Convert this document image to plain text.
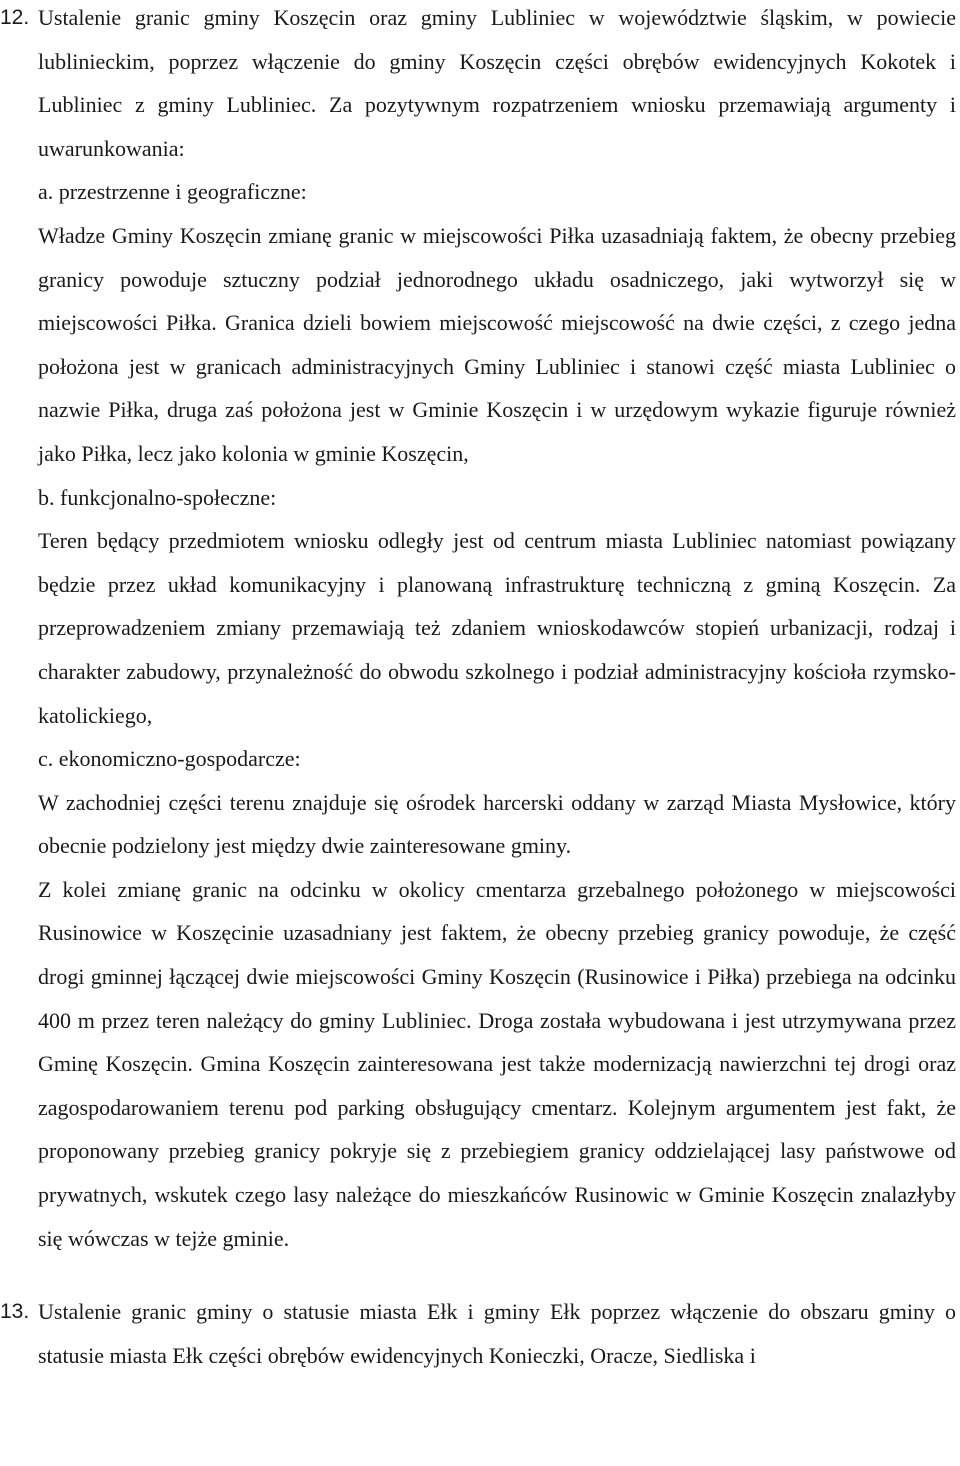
12. Ustalenie granic gminy Koszęcin oraz gminy Lubliniec w województwie śląskim, w powiecie lublinieckim, poprzez włączenie do gminy Koszęcin części obrębów ewidencyjnych Kokotek i Lubliniec z gminy Lubliniec. Za pozytywnym rozpatrzeniem wniosku przemawiają argumenty i uwarunkowania:

a. przestrzenne i geograficzne:

Władze Gminy Koszęcin zmianę granic w miejscowości Piłka uzasadniają faktem, że obecny przebieg granicy powoduje sztuczny podział jednorodnego układu osadniczego, jaki wytworzył się w miejscowości Piłka. Granica dzieli bowiem miejscowość miejscowość na dwie części, z czego jedna położona jest w granicach administracyjnych Gminy Lubliniec i stanowi część miasta Lubliniec o nazwie Piłka, druga zaś położona jest w Gminie Koszęcin i w urzędowym wykazie figuruje również jako Piłka, lecz jako kolonia w gminie Koszęcin,

b. funkcjonalno-społeczne:

Teren będący przedmiotem wniosku odległy jest od centrum miasta Lubliniec natomiast powiązany będzie przez układ komunikacyjny i planowaną infrastrukturę techniczną z gminą Koszęcin. Za przeprowadzeniem zmiany przemawiają też zdaniem wnioskodawców stopień urbanizacji, rodzaj i charakter zabudowy, przynależność do obwodu szkolnego i podział administracyjny kościoła rzymsko-katolickiego,

c. ekonomiczno-gospodarcze:

W zachodniej części terenu znajduje się ośrodek harcerski oddany w zarząd Miasta Mysłowice, który obecnie podzielony jest między dwie zainteresowane gminy.

Z kolei zmianę granic na odcinku w okolicy cmentarza grzebalnego położonego w miejscowości Rusinowice w Koszęcinie uzasadniany jest faktem, że obecny przebieg granicy powoduje, że część drogi gminnej łączącej dwie miejscowości Gminy Koszęcin (Rusinowice i Piłka) przebiega na odcinku 400 m przez teren należący do gminy Lubliniec. Droga została wybudowana i jest utrzymywana przez Gminę Koszęcin. Gmina Koszęcin zainteresowana jest także modernizacją nawierzchni tej drogi oraz zagospodarowaniem terenu pod parking obsługujący cmentarz. Kolejnym argumentem jest fakt, że proponowany przebieg granicy pokryje się z przebiegiem granicy oddzielającej lasy państwowe od prywatnych, wskutek czego lasy należące do mieszkańców Rusinowic w Gminie Koszęcin znalazłyby się wówczas w tejże gminie.

13. Ustalenie granic gminy o statusie miasta Ełk i gminy Ełk poprzez włączenie do obszaru gminy o statusie miasta Ełk części obrębów ewidencyjnych Konieczki, Oracze, Siedliska i
